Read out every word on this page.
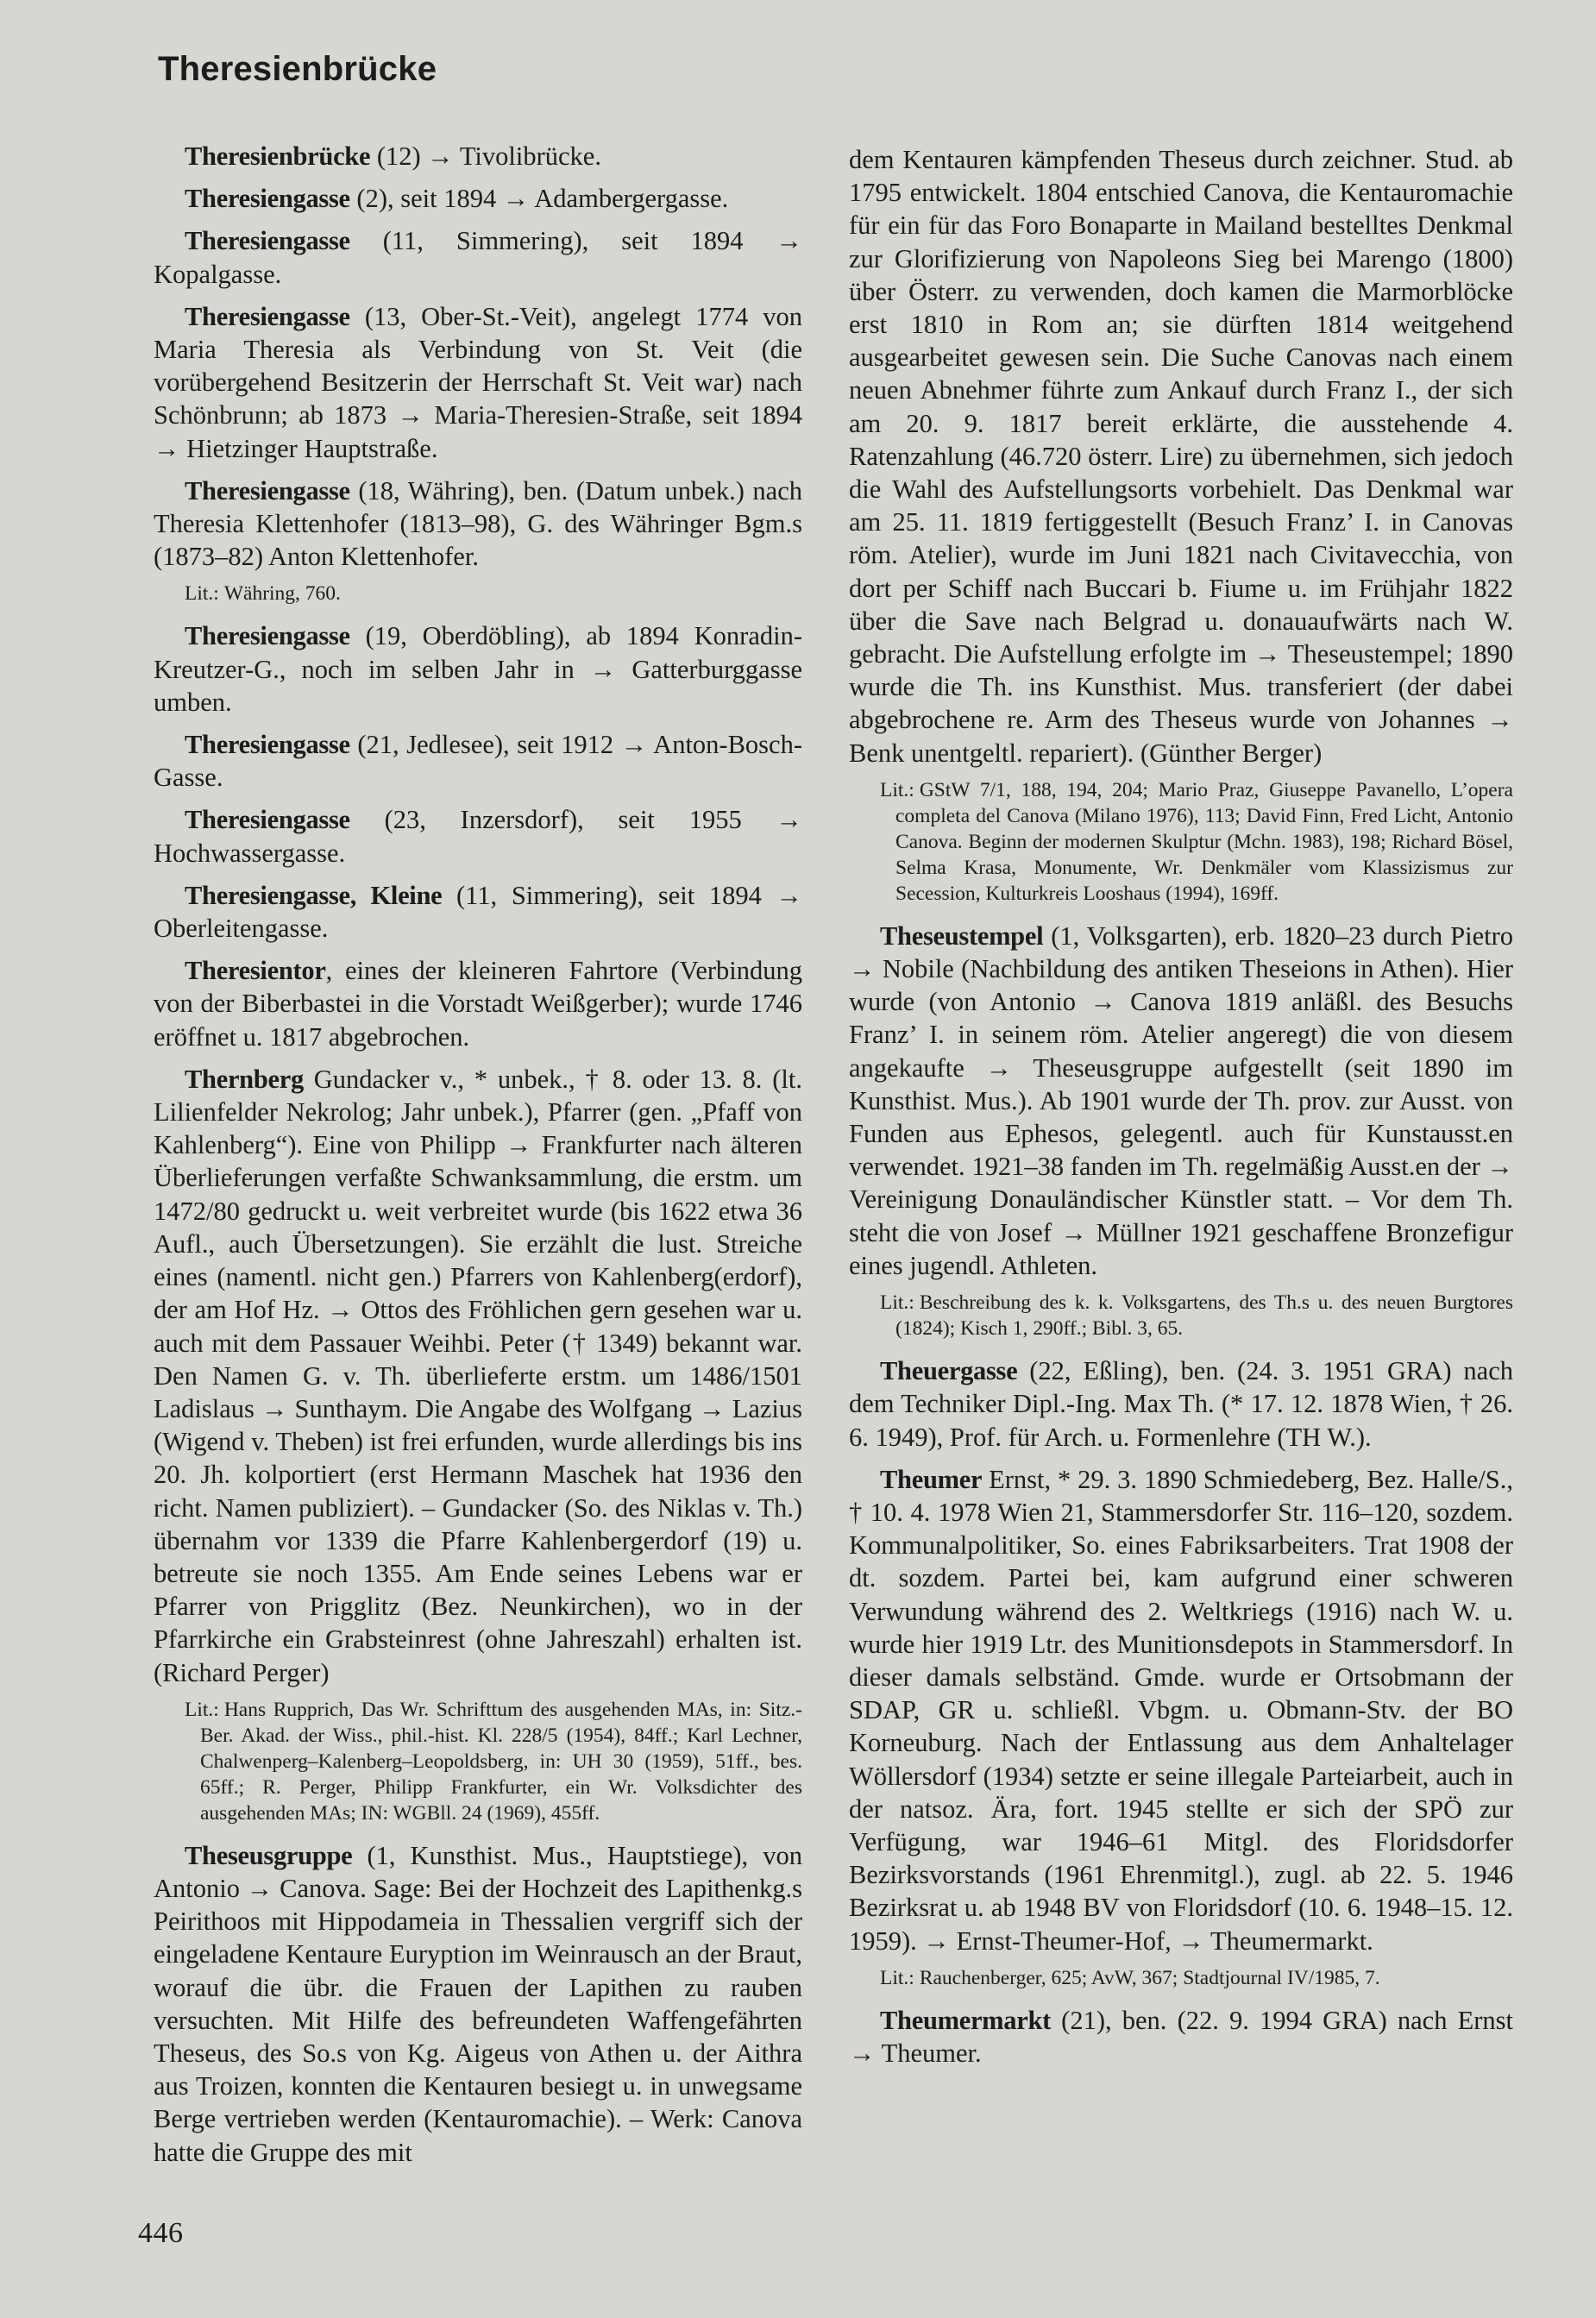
Theresienbrücke

Theresienbrücke (12) → Tivolibrücke.

Theresiengasse (2), seit 1894 → Adambergergasse.

Theresiengasse (11, Simmering), seit 1894 → Kopalgasse.

Theresiengasse (13, Ober-St.-Veit), angelegt 1774 von Maria Theresia als Verbindung von St. Veit (die vorübergehend Besitzerin der Herrschaft St. Veit war) nach Schönbrunn; ab 1873 → Maria-Theresien-Straße, seit 1894 → Hietzinger Hauptstraße.

Theresiengasse (18, Währing), ben. (Datum unbek.) nach Theresia Klettenhofer (1813–98), G. des Währinger Bgm.s (1873–82) Anton Klettenhofer.

Lit.: Währing, 760.

Theresiengasse (19, Oberdöbling), ab 1894 Konradin-Kreutzer-G., noch im selben Jahr in → Gatterburggasse umben.

Theresiengasse (21, Jedlesee), seit 1912 → Anton-Bosch-Gasse.

Theresiengasse (23, Inzersdorf), seit 1955 → Hochwassergasse.

Theresiengasse, Kleine (11, Simmering), seit 1894 → Oberleitengasse.

Theresientor, eines der kleineren Fahrtore (Verbindung von der Biberbastei in die Vorstadt Weißgerber); wurde 1746 eröffnet u. 1817 abgebrochen.

Thernberg Gundacker v., * unbek., † 8. oder 13. 8. (lt. Lilienfelder Nekrolog; Jahr unbek.), Pfarrer (gen. „Pfaff von Kahlenberg“). Eine von Philipp → Frankfurter nach älteren Überlieferungen verfaßte Schwanksammlung, die erstm. um 1472/80 gedruckt u. weit verbreitet wurde (bis 1622 etwa 36 Aufl., auch Übersetzungen). Sie erzählt die lust. Streiche eines (namentl. nicht gen.) Pfarrers von Kahlenberg(erdorf), der am Hof Hz. → Ottos des Fröhlichen gern gesehen war u. auch mit dem Passauer Weihbi. Peter († 1349) bekannt war. Den Namen G. v. Th. überlieferte erstm. um 1486/1501 Ladislaus → Sunthaym. Die Angabe des Wolfgang → Lazius (Wigend v. Theben) ist frei erfunden, wurde allerdings bis ins 20. Jh. kolportiert (erst Hermann Maschek hat 1936 den richt. Namen publiziert). – Gundacker (So. des Niklas v. Th.) übernahm vor 1339 die Pfarre Kahlenbergerdorf (19) u. betreute sie noch 1355. Am Ende seines Lebens war er Pfarrer von Prigglitz (Bez. Neunkirchen), wo in der Pfarrkirche ein Grabsteinrest (ohne Jahreszahl) erhalten ist. (Richard Perger)

Lit.: Hans Rupprich, Das Wr. Schrifttum des ausgehenden MAs, in: Sitz.-Ber. Akad. der Wiss., phil.-hist. Kl. 228/5 (1954), 84ff.; Karl Lechner, Chalwenperg–Kalenberg–Leopoldsberg, in: UH 30 (1959), 51ff., bes. 65ff.; R. Perger, Philipp Frankfurter, ein Wr. Volksdichter des ausgehenden MAs; IN: WGBll. 24 (1969), 455ff.

Theseusgruppe (1, Kunsthist. Mus., Hauptstiege), von Antonio → Canova. Sage: Bei der Hochzeit des Lapithenkg.s Peirithoos mit Hippodameia in Thessalien vergriff sich der eingeladene Kentaure Euryption im Weinrausch an der Braut, worauf die übr. die Frauen der Lapithen zu rauben versuchten. Mit Hilfe des befreundeten Waffengefährten Theseus, des So.s von Kg. Aigeus von Athen u. der Aithra aus Troizen, konnten die Kentauren besiegt u. in unwegsame Berge vertrieben werden (Kentauromachie). – Werk: Canova hatte die Gruppe des mit

dem Kentauren kämpfenden Theseus durch zeichner. Stud. ab 1795 entwickelt. 1804 entschied Canova, die Kentauromachie für ein für das Foro Bonaparte in Mailand bestelltes Denkmal zur Glorifizierung von Napoleons Sieg bei Marengo (1800) über Österr. zu verwenden, doch kamen die Marmorblöcke erst 1810 in Rom an; sie dürften 1814 weitgehend ausgearbeitet gewesen sein. Die Suche Canovas nach einem neuen Abnehmer führte zum Ankauf durch Franz I., der sich am 20. 9. 1817 bereit erklärte, die ausstehende 4. Ratenzahlung (46.720 österr. Lire) zu übernehmen, sich jedoch die Wahl des Aufstellungsorts vorbehielt. Das Denkmal war am 25. 11. 1819 fertiggestellt (Besuch Franz’ I. in Canovas röm. Atelier), wurde im Juni 1821 nach Civitavecchia, von dort per Schiff nach Buccari b. Fiume u. im Frühjahr 1822 über die Save nach Belgrad u. donauaufwärts nach W. gebracht. Die Aufstellung erfolgte im → Theseustempel; 1890 wurde die Th. ins Kunsthist. Mus. transferiert (der dabei abgebrochene re. Arm des Theseus wurde von Johannes → Benk unentgeltl. repariert). (Günther Berger)

Lit.: GStW 7/1, 188, 194, 204; Mario Praz, Giuseppe Pavanello, L’opera completa del Canova (Milano 1976), 113; David Finn, Fred Licht, Antonio Canova. Beginn der modernen Skulptur (Mchn. 1983), 198; Richard Bösel, Selma Krasa, Monumente, Wr. Denkmäler vom Klassizismus zur Secession, Kulturkreis Looshaus (1994), 169ff.

Theseustempel (1, Volksgarten), erb. 1820–23 durch Pietro → Nobile (Nachbildung des antiken Theseions in Athen). Hier wurde (von Antonio → Canova 1819 anläßl. des Besuchs Franz’ I. in seinem röm. Atelier angeregt) die von diesem angekaufte → Theseusgruppe aufgestellt (seit 1890 im Kunsthist. Mus.). Ab 1901 wurde der Th. prov. zur Ausst. von Funden aus Ephesos, gelegentl. auch für Kunstausst.en verwendet. 1921–38 fanden im Th. regelmäßig Ausst.en der → Vereinigung Donauländischer Künstler statt. – Vor dem Th. steht die von Josef → Müllner 1921 geschaffene Bronzefigur eines jugendl. Athleten.

Lit.: Beschreibung des k. k. Volksgartens, des Th.s u. des neuen Burgtores (1824); Kisch 1, 290ff.; Bibl. 3, 65.

Theuergasse (22, Eßling), ben. (24. 3. 1951 GRA) nach dem Techniker Dipl.-Ing. Max Th. (* 17. 12. 1878 Wien, † 26. 6. 1949), Prof. für Arch. u. Formenlehre (TH W.).

Theumer Ernst, * 29. 3. 1890 Schmiedeberg, Bez. Halle/S., † 10. 4. 1978 Wien 21, Stammersdorfer Str. 116–120, sozdem. Kommunalpolitiker, So. eines Fabriksarbeiters. Trat 1908 der dt. sozdem. Partei bei, kam aufgrund einer schweren Verwundung während des 2. Weltkriegs (1916) nach W. u. wurde hier 1919 Ltr. des Munitionsdepots in Stammersdorf. In dieser damals selbständ. Gmde. wurde er Ortsobmann der SDAP, GR u. schließl. Vbgm. u. Obmann-Stv. der BO Korneuburg. Nach der Entlassung aus dem Anhaltelager Wöllersdorf (1934) setzte er seine illegale Parteiarbeit, auch in der natsoz. Ära, fort. 1945 stellte er sich der SPÖ zur Verfügung, war 1946–61 Mitgl. des Floridsdorfer Bezirksvorstands (1961 Ehrenmitgl.), zugl. ab 22. 5. 1946 Bezirksrat u. ab 1948 BV von Floridsdorf (10. 6. 1948–15. 12. 1959). → Ernst-Theumer-Hof, → Theumermarkt.

Lit.: Rauchenberger, 625; AvW, 367; Stadtjournal IV/1985, 7.

Theumermarkt (21), ben. (22. 9. 1994 GRA) nach Ernst → Theumer.

446
